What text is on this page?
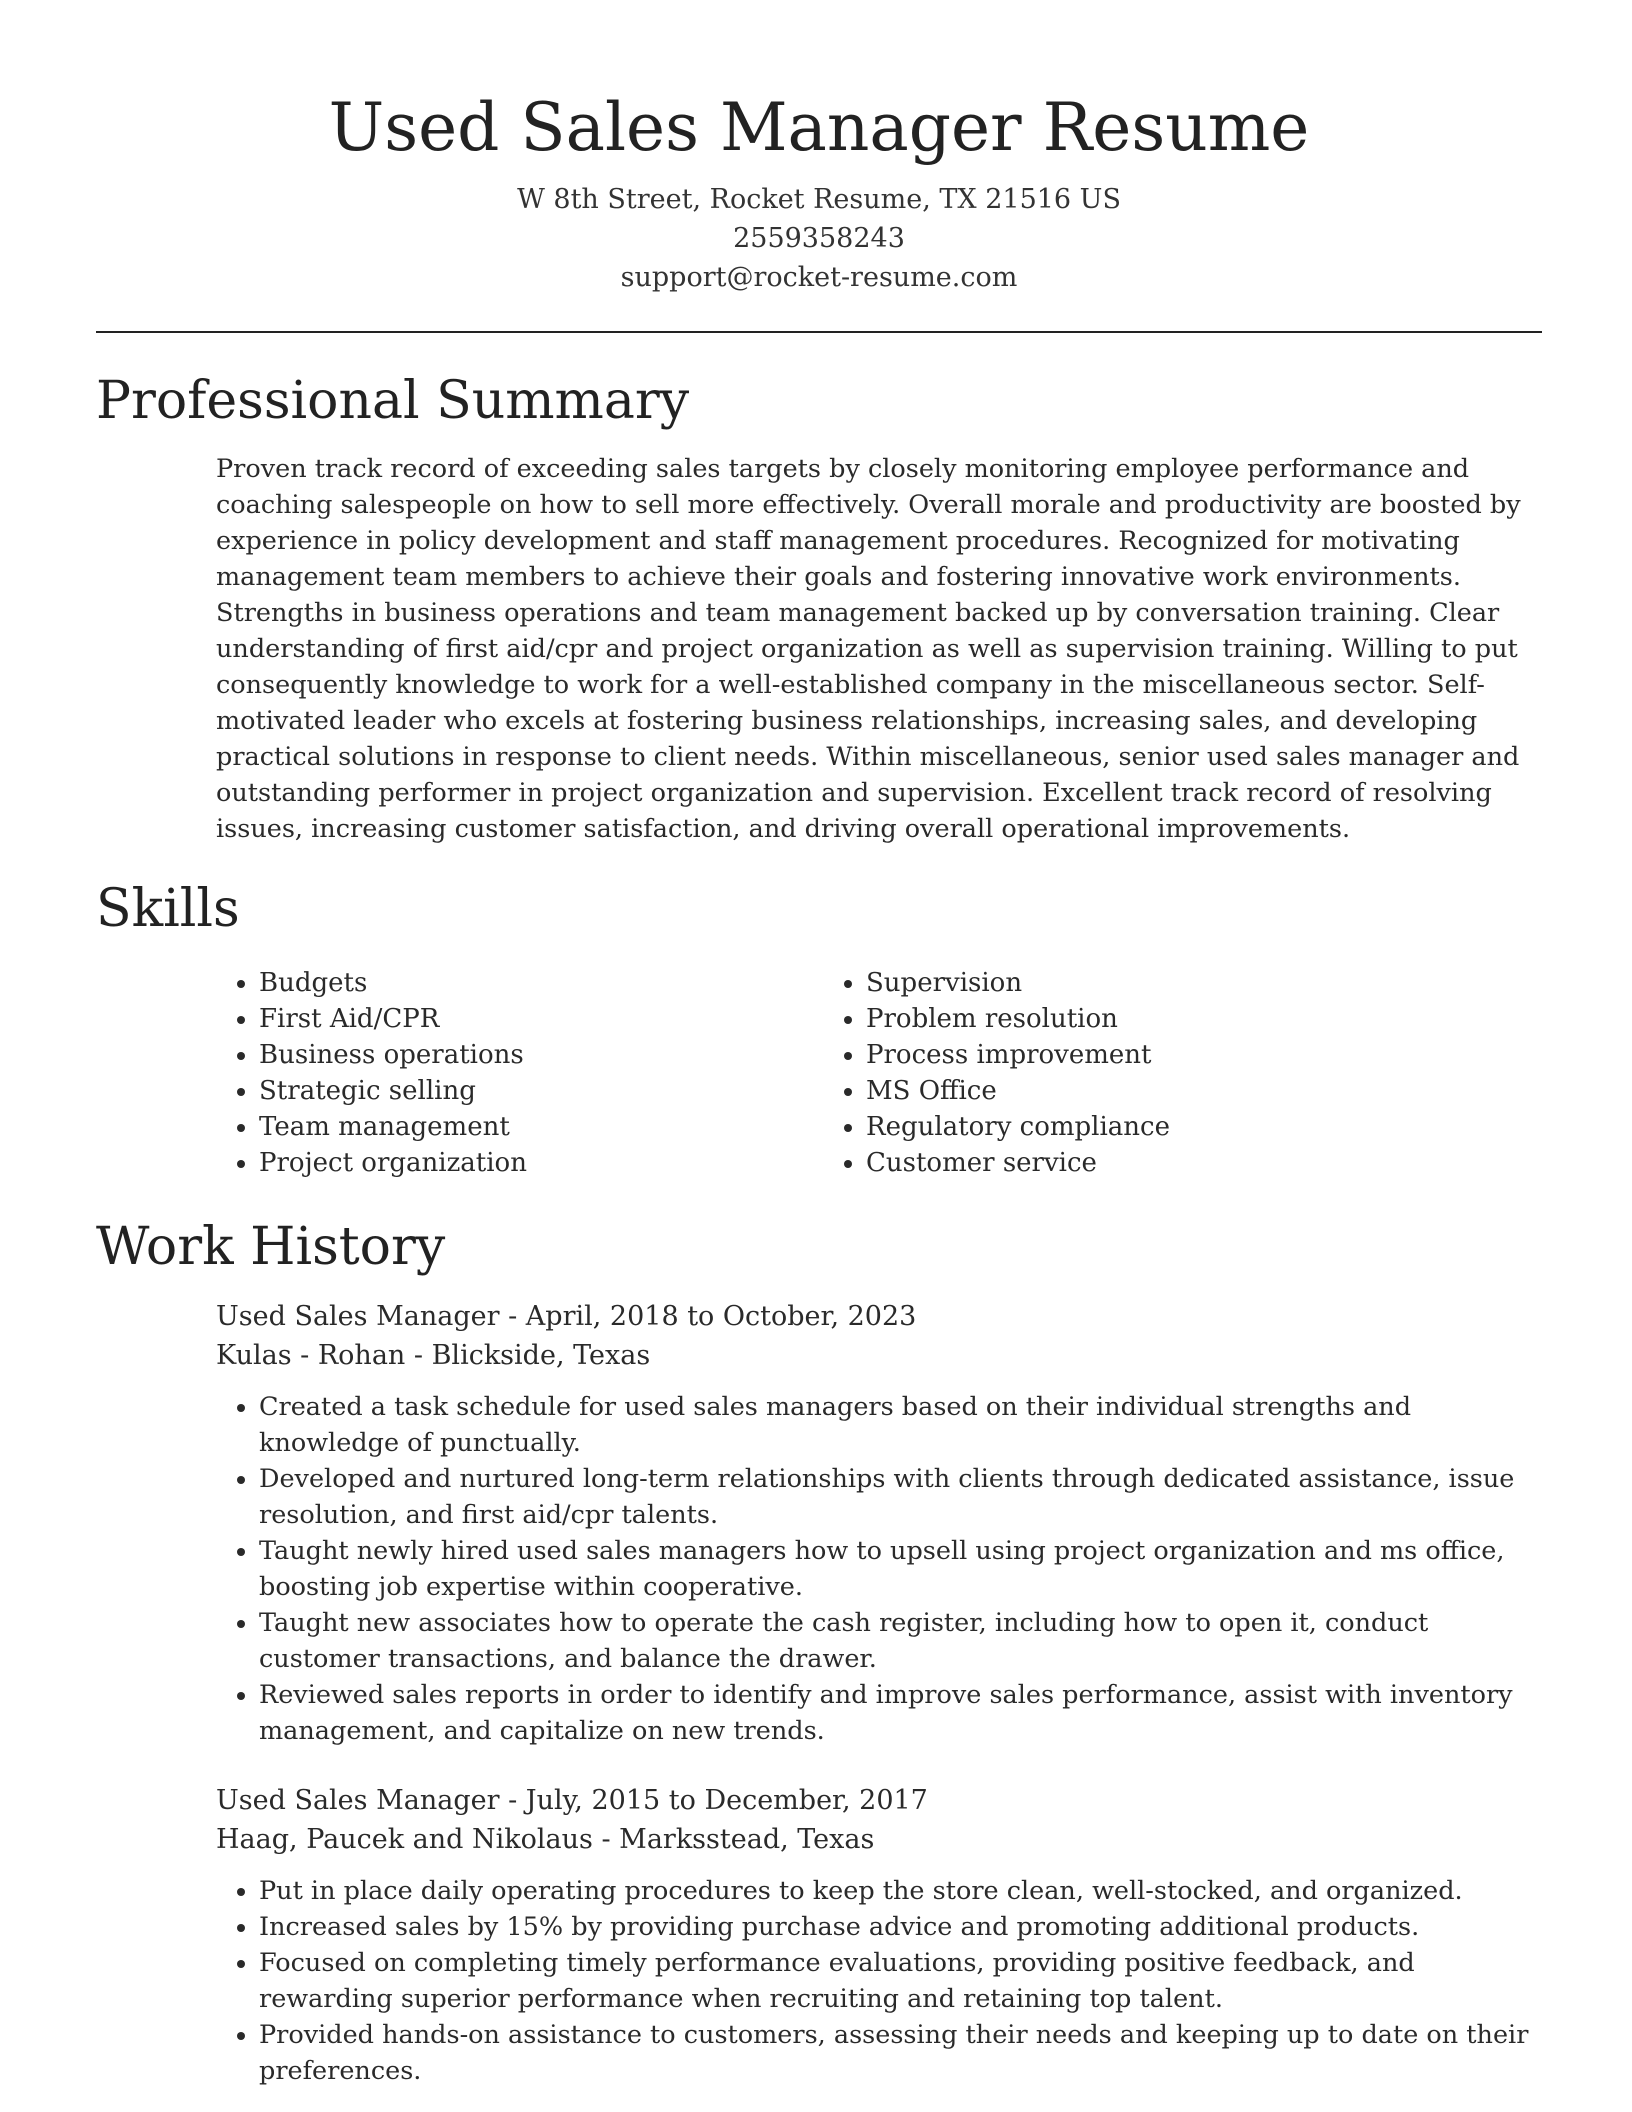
Used Sales Manager Resume
W 8th Street, Rocket Resume, TX 21516 US
2559358243
support@rocket-resume.com
Professional Summary

Proven track record of exceeding sales targets by closely monitoring employee performance and coaching salespeople on how to sell more effectively. Overall morale and productivity are boosted by experience in policy development and staff management procedures. Recognized for motivating management team members to achieve their goals and fostering innovative work environments. Strengths in business operations and team management backed up by conversation training. Clear understanding of first aid/cpr and project organization as well as supervision training. Willing to put consequently knowledge to work for a well-established company in the miscellaneous sector. Self-motivated leader who excels at fostering business relationships, increasing sales, and developing practical solutions in response to client needs. Within miscellaneous, senior used sales manager and outstanding performer in project organization and supervision. Excellent track record of resolving issues, increasing customer satisfaction, and driving overall operational improvements.

Skills
• Budgets
• First Aid/CPR
• Business operations
• Strategic selling
• Team management
• Project organization
• Supervision
• Problem resolution
• Process improvement
• MS Office
• Regulatory compliance
• Customer service
Work History
Used Sales Manager - April, 2018 to October, 2023
Kulas - Rohan - Blickside, Texas
• Created a task schedule for used sales managers based on their individual strengths and knowledge of punctually.
• Developed and nurtured long-term relationships with clients through dedicated assistance, issue resolution, and first aid/cpr talents.
• Taught newly hired used sales managers how to upsell using project organization and ms office, boosting job expertise within cooperative.
• Taught new associates how to operate the cash register, including how to open it, conduct customer transactions, and balance the drawer.
• Reviewed sales reports in order to identify and improve sales performance, assist with inventory management, and capitalize on new trends.
Used Sales Manager - July, 2015 to December, 2017
Haag, Paucek and Nikolaus - Marksstead, Texas
• Put in place daily operating procedures to keep the store clean, well-stocked, and organized.
• Increased sales by 15% by providing purchase advice and promoting additional products.
• Focused on completing timely performance evaluations, providing positive feedback, and rewarding superior performance when recruiting and retaining top talent.
• Provided hands-on assistance to customers, assessing their needs and keeping up to date on their preferences.
